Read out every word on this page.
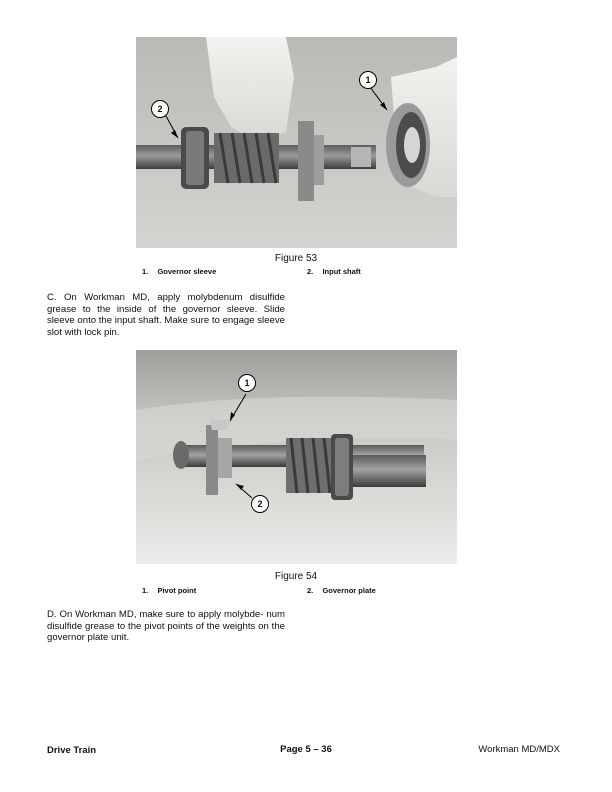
1
2
Figure 53
1. Governor sleeve	2. Input shaft
C. On Workman MD, apply molybdenum disulfide grease to the inside of the governor sleeve. Slide sleeve onto the input shaft. Make sure to engage sleeve slot with lock pin.
1
2
Figure 54
1. Pivot point	2. Governor plate
D. On Workman MD, make sure to apply molybde- num disulfide grease to the pivot points of the weights on the governor plate unit.
Drive Train	Page 5 – 36	Workman MD/MDX
